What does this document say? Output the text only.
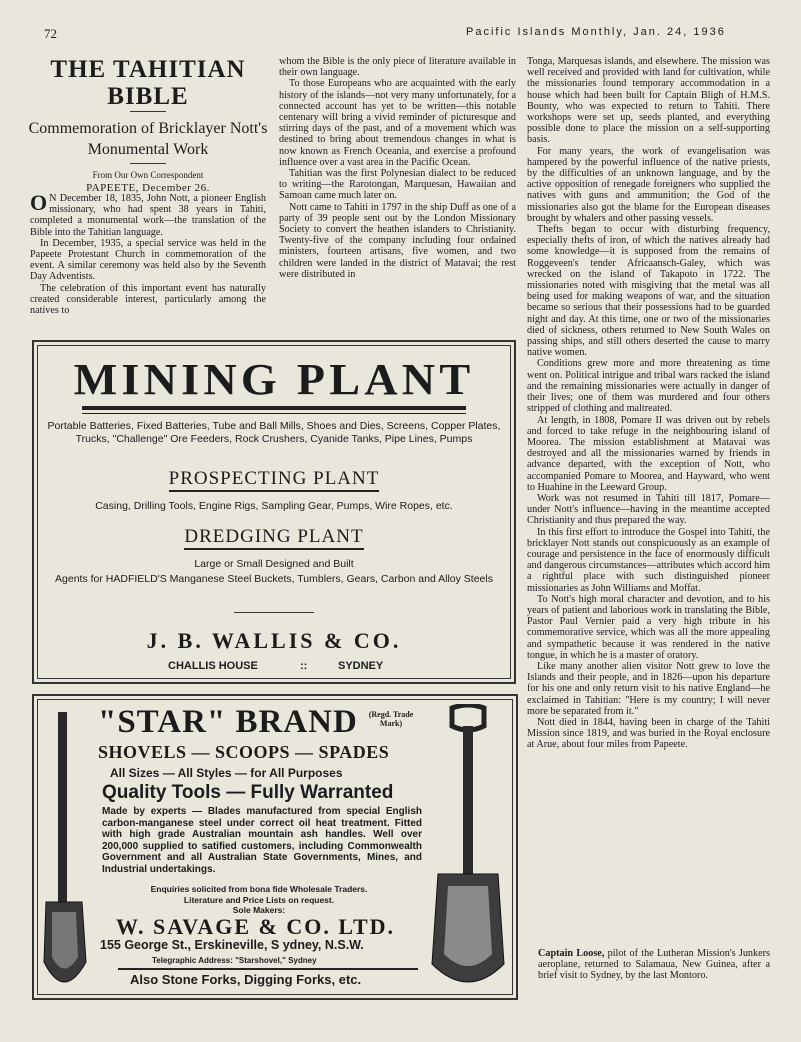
72	Pacific Islands Monthly, Jan. 24, 1936
THE TAHITIAN BIBLE
Commemoration of Bricklayer Nott's Monumental Work
From Our Own Correspondent
PAPEETE, December 26.

O N December 18, 1835, John Nott, a pioneer English missionary, who had spent 38 years in Tahiti, completed a monumental work—the translation of the Bible into the Tahitian language.

In December, 1935, a special service was held in the Papeete Protestant Church in commemoration of the event. A similar ceremony was held also by the Seventh Day Adventists.

The celebration of this important event has naturally created considerable interest, particularly among the natives to

whom the Bible is the only piece of literature available in their own language.

To those Europeans who are acquainted with the early history of the islands—not very many unfortunately, for a connected account has yet to be written—this notable centenary will bring a vivid reminder of picturesque and stirring days of the past, and of a movement which was destined to bring about tremendous changes in what is now known as French Oceania, and exercise a profound influence over a vast area in the Pacific Ocean.

Tahitian was the first Polynesian dialect to be reduced to writing—the Rarotongan, Marquesan, Hawaiian and Samoan came much later on.

Nott came to Tahiti in 1797 in the ship Duff as one of a party of 39 people sent out by the London Missionary Society to convert the heathen islanders to Christianity. Twenty-five of the company including four ordained ministers, fourteen artisans, five women, and two children were landed in the district of Matavai; the rest were distributed in

Tonga, Marquesas islands, and elsewhere. The mission was well received and provided with land for cultivation, while the missionaries found temporary accommodation in a house which had been built for Captain Bligh of H.M.S. Bounty, who was expected to return to Tahiti. There workshops were set up, seeds planted, and everything possible done to place the mission on a self-supporting basis.

For many years, the work of evangelisation was hampered by the powerful influence of the native priests, by the difficulties of an unknown language, and by the active opposition of renegade foreigners who supplied the natives with guns and ammunition; the God of the missionaries also got the blame for the European diseases brought by whalers and other passing vessels.

Thefts began to occur with disturbing frequency, especially thefts of iron, of which the natives already had some knowledge—it is supposed from the remains of Roggeveen's tender Africaansch-Galey, which was wrecked on the island of Takapoto in 1722. The missionaries noted with misgiving that the metal was all being used for making weapons of war, and the situation became so serious that their possessions had to be guarded night and day. At this time, one or two of the missionaries died of sickness, others returned to New South Wales on passing ships, and still others deserted the cause to marry native women.

Conditions grew more and more threatening as time went on. Political intrigue and tribal wars racked the island and the remaining missionaries were actually in danger of their lives; one of them was murdered and four others stripped of clothing and maltreated.

At length, in 1808, Pomare II was driven out by rebels and forced to take refuge in the neighbouring island of Moorea. The mission establishment at Matavai was destroyed and all the missionaries warned by friends in advance departed, with the exception of Nott, who accompanied Pomare to Moorea, and Hayward, who went to Huahine in the Leeward Group.

Work was not resumed in Tahiti till 1817, Pomare—under Nott's influence—having in the meantime accepted Christianity and thus prepared the way.

In this first effort to introduce the Gospel into Tahiti, the bricklayer Nott stands out conspicuously as an example of courage and persistence in the face of enormously difficult and dangerous circumstances—attributes which accord him a rightful place with such distinguished pioneer missionaries as John Williams and Moffat.

To Nott's high moral character and devotion, and to his years of patient and laborious work in translating the Bible, Pastor Paul Vernier paid a very high tribute in his commemorative service, which was all the more appealing and sympathetic because it was rendered in the native tongue, in which he is a master of oratory.

Like many another alien visitor Nott grew to love the Islands and their people, and in 1826—upon his departure for his one and only return visit to his native England—he exclaimed in Tahitian: "Here is my country; I will never more be separated from it."

Nott died in 1844, having been in charge of the Tahiti Mission since 1819, and was buried in the Royal enclosure at Arue, about four miles from Papeete.

Captain Loose, pilot of the Lutheran Mission's Junkers aeroplane, returned to Salamaua, New Guinea, after a brief visit to Sydney, by the last Montoro.
MINING PLANT
Portable Batteries, Fixed Batteries, Tube and Ball Mills, Shoes and Dies, Screens, Copper Plates, Trucks, "Challenge" Ore Feeders, Rock Crushers, Cyanide Tanks, Pipe Lines, Pumps
PROSPECTING PLANT
Casing, Drilling Tools, Engine Rigs, Sampling Gear, Pumps, Wire Ropes, etc.
DREDGING PLANT
Large or Small Designed and Built
Agents for HADFIELD'S Manganese Steel Buckets, Tumblers, Gears, Carbon and Alloy Steels
J. B. WALLIS & CO.
CHALLIS HOUSE	::	SYDNEY
"STAR" BRAND	(Regd. Trade Mark)
SHOVELS — SCOOPS — SPADES
All Sizes — All Styles — for All Purposes
Quality Tools — Fully Warranted
Made by experts — Blades manufactured from special English carbon-manganese steel under correct oil heat treatment. Fitted with high grade Australian mountain ash handles. Well over 200,000 supplied to satified customers, including Commonwealth Government and all Australian State Governments, Mines, and Industrial undertakings.
Enquiries solicited from bona fide Wholesale Traders.
Literature and Price Lists on request.
Sole Makers:
W. SAVAGE & CO. LTD.
155 George St., Erskineville, S ydney, N.S.W.
Telegraphic Address: "Starshovel," Sydney
Also Stone Forks, Digging Forks, etc.
